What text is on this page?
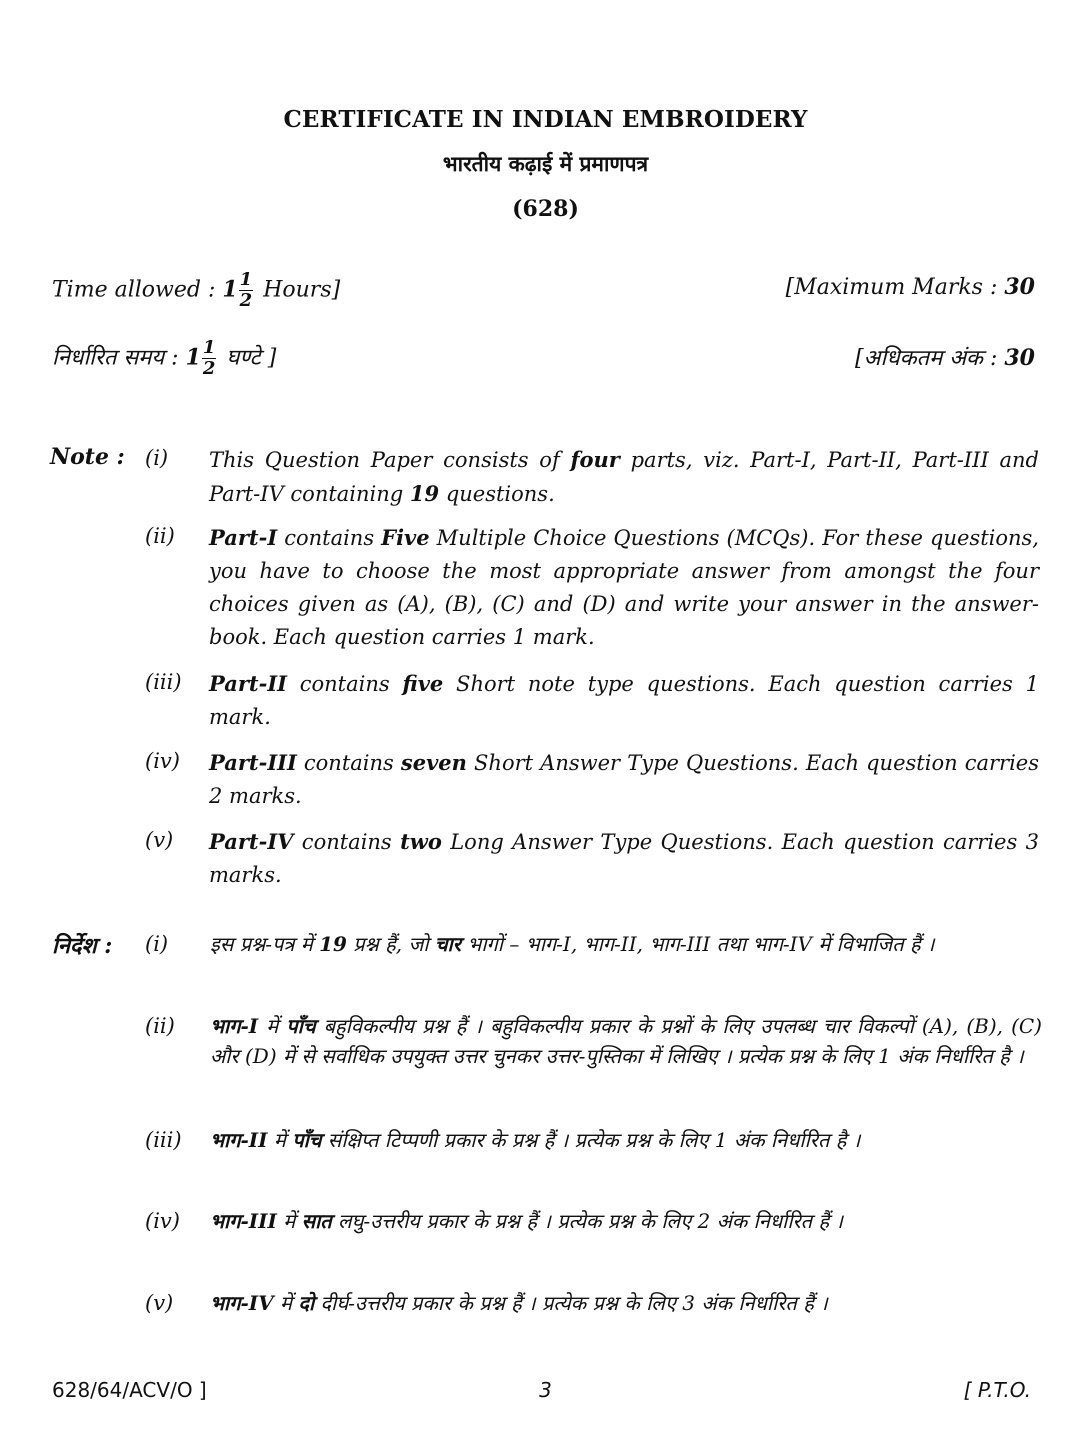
CERTIFICATE IN INDIAN EMBROIDERY
भारतीय कढ़ाई में प्रमाणपत्र
(628)
Time allowed : $1 \frac{1}{2}$ Hours]	[Maximum Marks : 30
निर्धारित समय : $1 \frac{1}{2}$ घण्टे ]	[अधिकतम अंक : 30
Note : (i) This Question Paper consists of four parts, viz. Part-I, Part-II, Part-III and Part-IV containing 19 questions.
(ii) Part-I contains Five Multiple Choice Questions (MCQs). For these questions, you have to choose the most appropriate answer from amongst the four choices given as (A), (B), (C) and (D) and write your answer in the answer-book. Each question carries 1 mark.
(iii) Part-II contains five Short note type questions. Each question carries 1 mark.
(iv) Part-III contains seven Short Answer Type Questions. Each question carries 2 marks.
(v) Part-IV contains two Long Answer Type Questions. Each question carries 3 marks.
निर्देश : (i) इस प्रश्न-पत्र में 19 प्रश्न हैं, जो चार भागों – भाग-I, भाग-II, भाग-III तथा भाग-IV में विभाजित हैं ।
(ii) भाग-I में पाँच बहुविकल्पीय प्रश्न हैं । बहुविकल्पीय प्रकार के प्रश्नों के लिए उपलब्ध चार विकल्पों (A), (B), (C) और (D) में से सर्वाधिक उपयुक्त उत्तर चुनकर उत्तर-पुस्तिका में लिखिए । प्रत्येक प्रश्न के लिए 1 अंक निर्धारित है ।
(iii) भाग-II में पाँच संक्षिप्त टिप्पणी प्रकार के प्रश्न हैं । प्रत्येक प्रश्न के लिए 1 अंक निर्धारित है ।
(iv) भाग-III में सात लघु-उत्तरीय प्रकार के प्रश्न हैं । प्रत्येक प्रश्न के लिए 2 अंक निर्धारित हैं ।
(v) भाग-IV में दो दीर्घ-उत्तरीय प्रकार के प्रश्न हैं । प्रत्येक प्रश्न के लिए 3 अंक निर्धारित हैं ।
628/64/ACV/O ]	3	[ P.T.O.
